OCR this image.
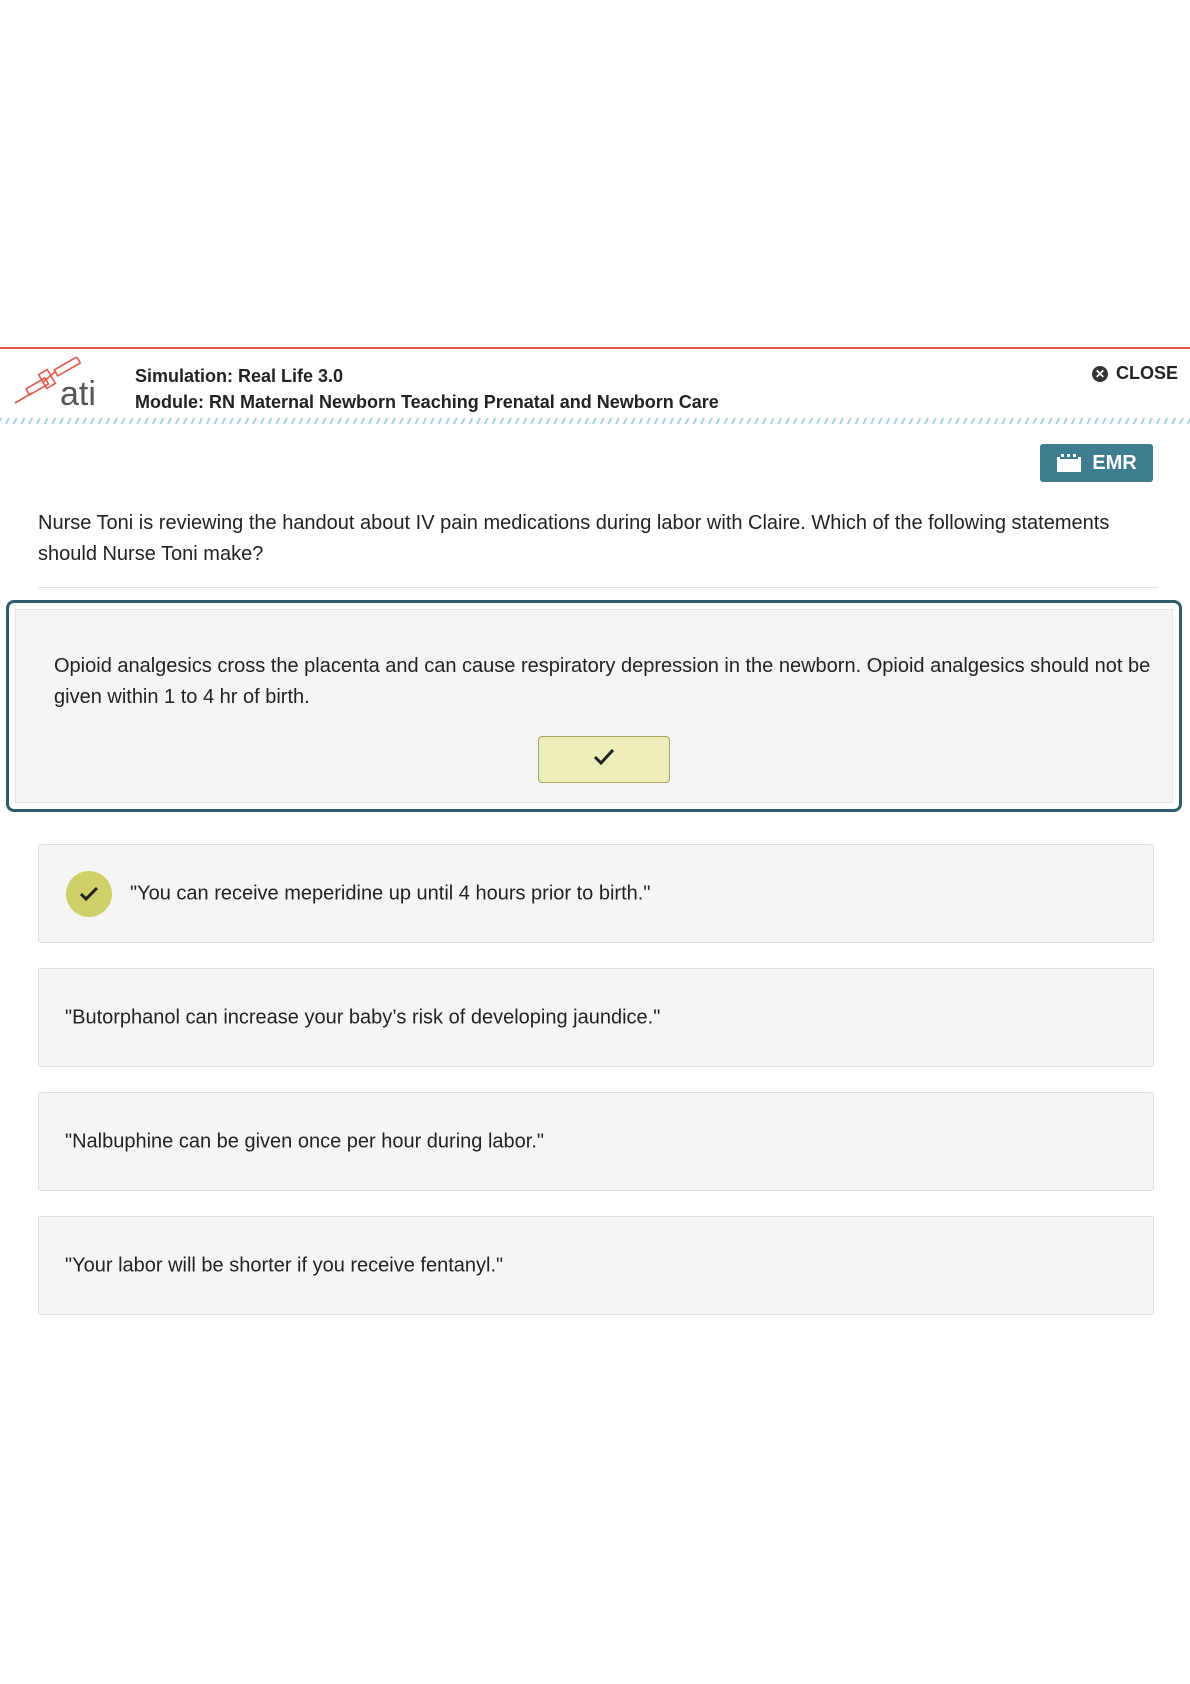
ati Simulation: Real Life 3.0
Module: RN Maternal Newborn Teaching Prenatal and Newborn Care
✕ CLOSE
EMR
Nurse Toni is reviewing the handout about IV pain medications during labor with Claire. Which of the following statements should Nurse Toni make?
Opioid analgesics cross the placenta and can cause respiratory depression in the newborn. Opioid analgesics should not be given within 1 to 4 hr of birth.
"You can receive meperidine up until 4 hours prior to birth."
"Butorphanol can increase your baby’s risk of developing jaundice."
"Nalbuphine can be given once per hour during labor."
"Your labor will be shorter if you receive fentanyl."
